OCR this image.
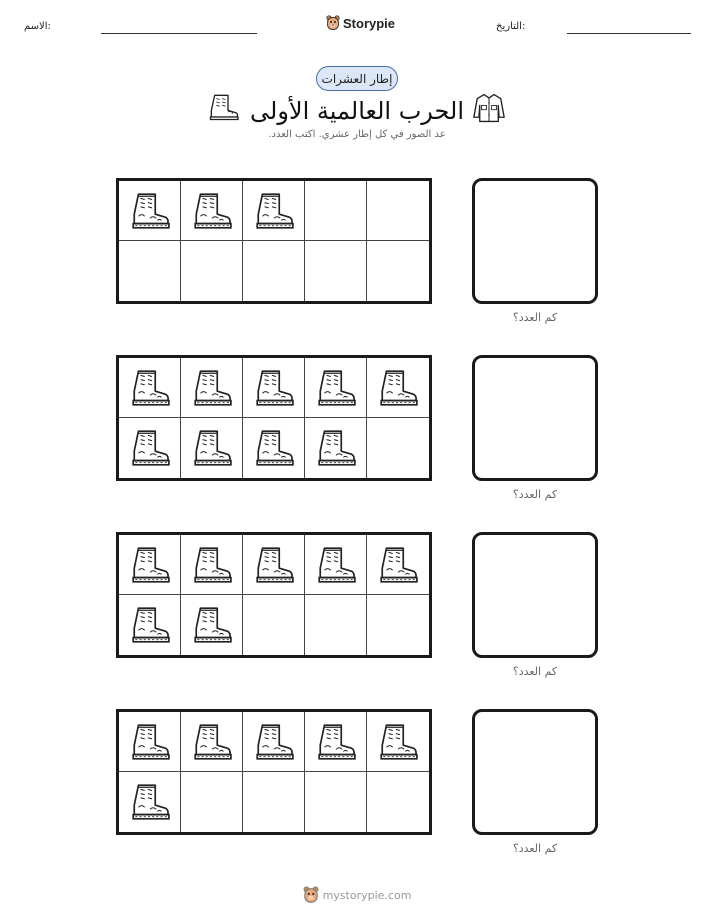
الاسم:	Storypie	التاريخ:
إطار العشرات
الحرب العالمية الأولى
عد الصور في كل إطار عشري. اكتب العدد.
كم العدد؟
كم العدد؟
كم العدد؟
كم العدد؟
mystorypie.com
